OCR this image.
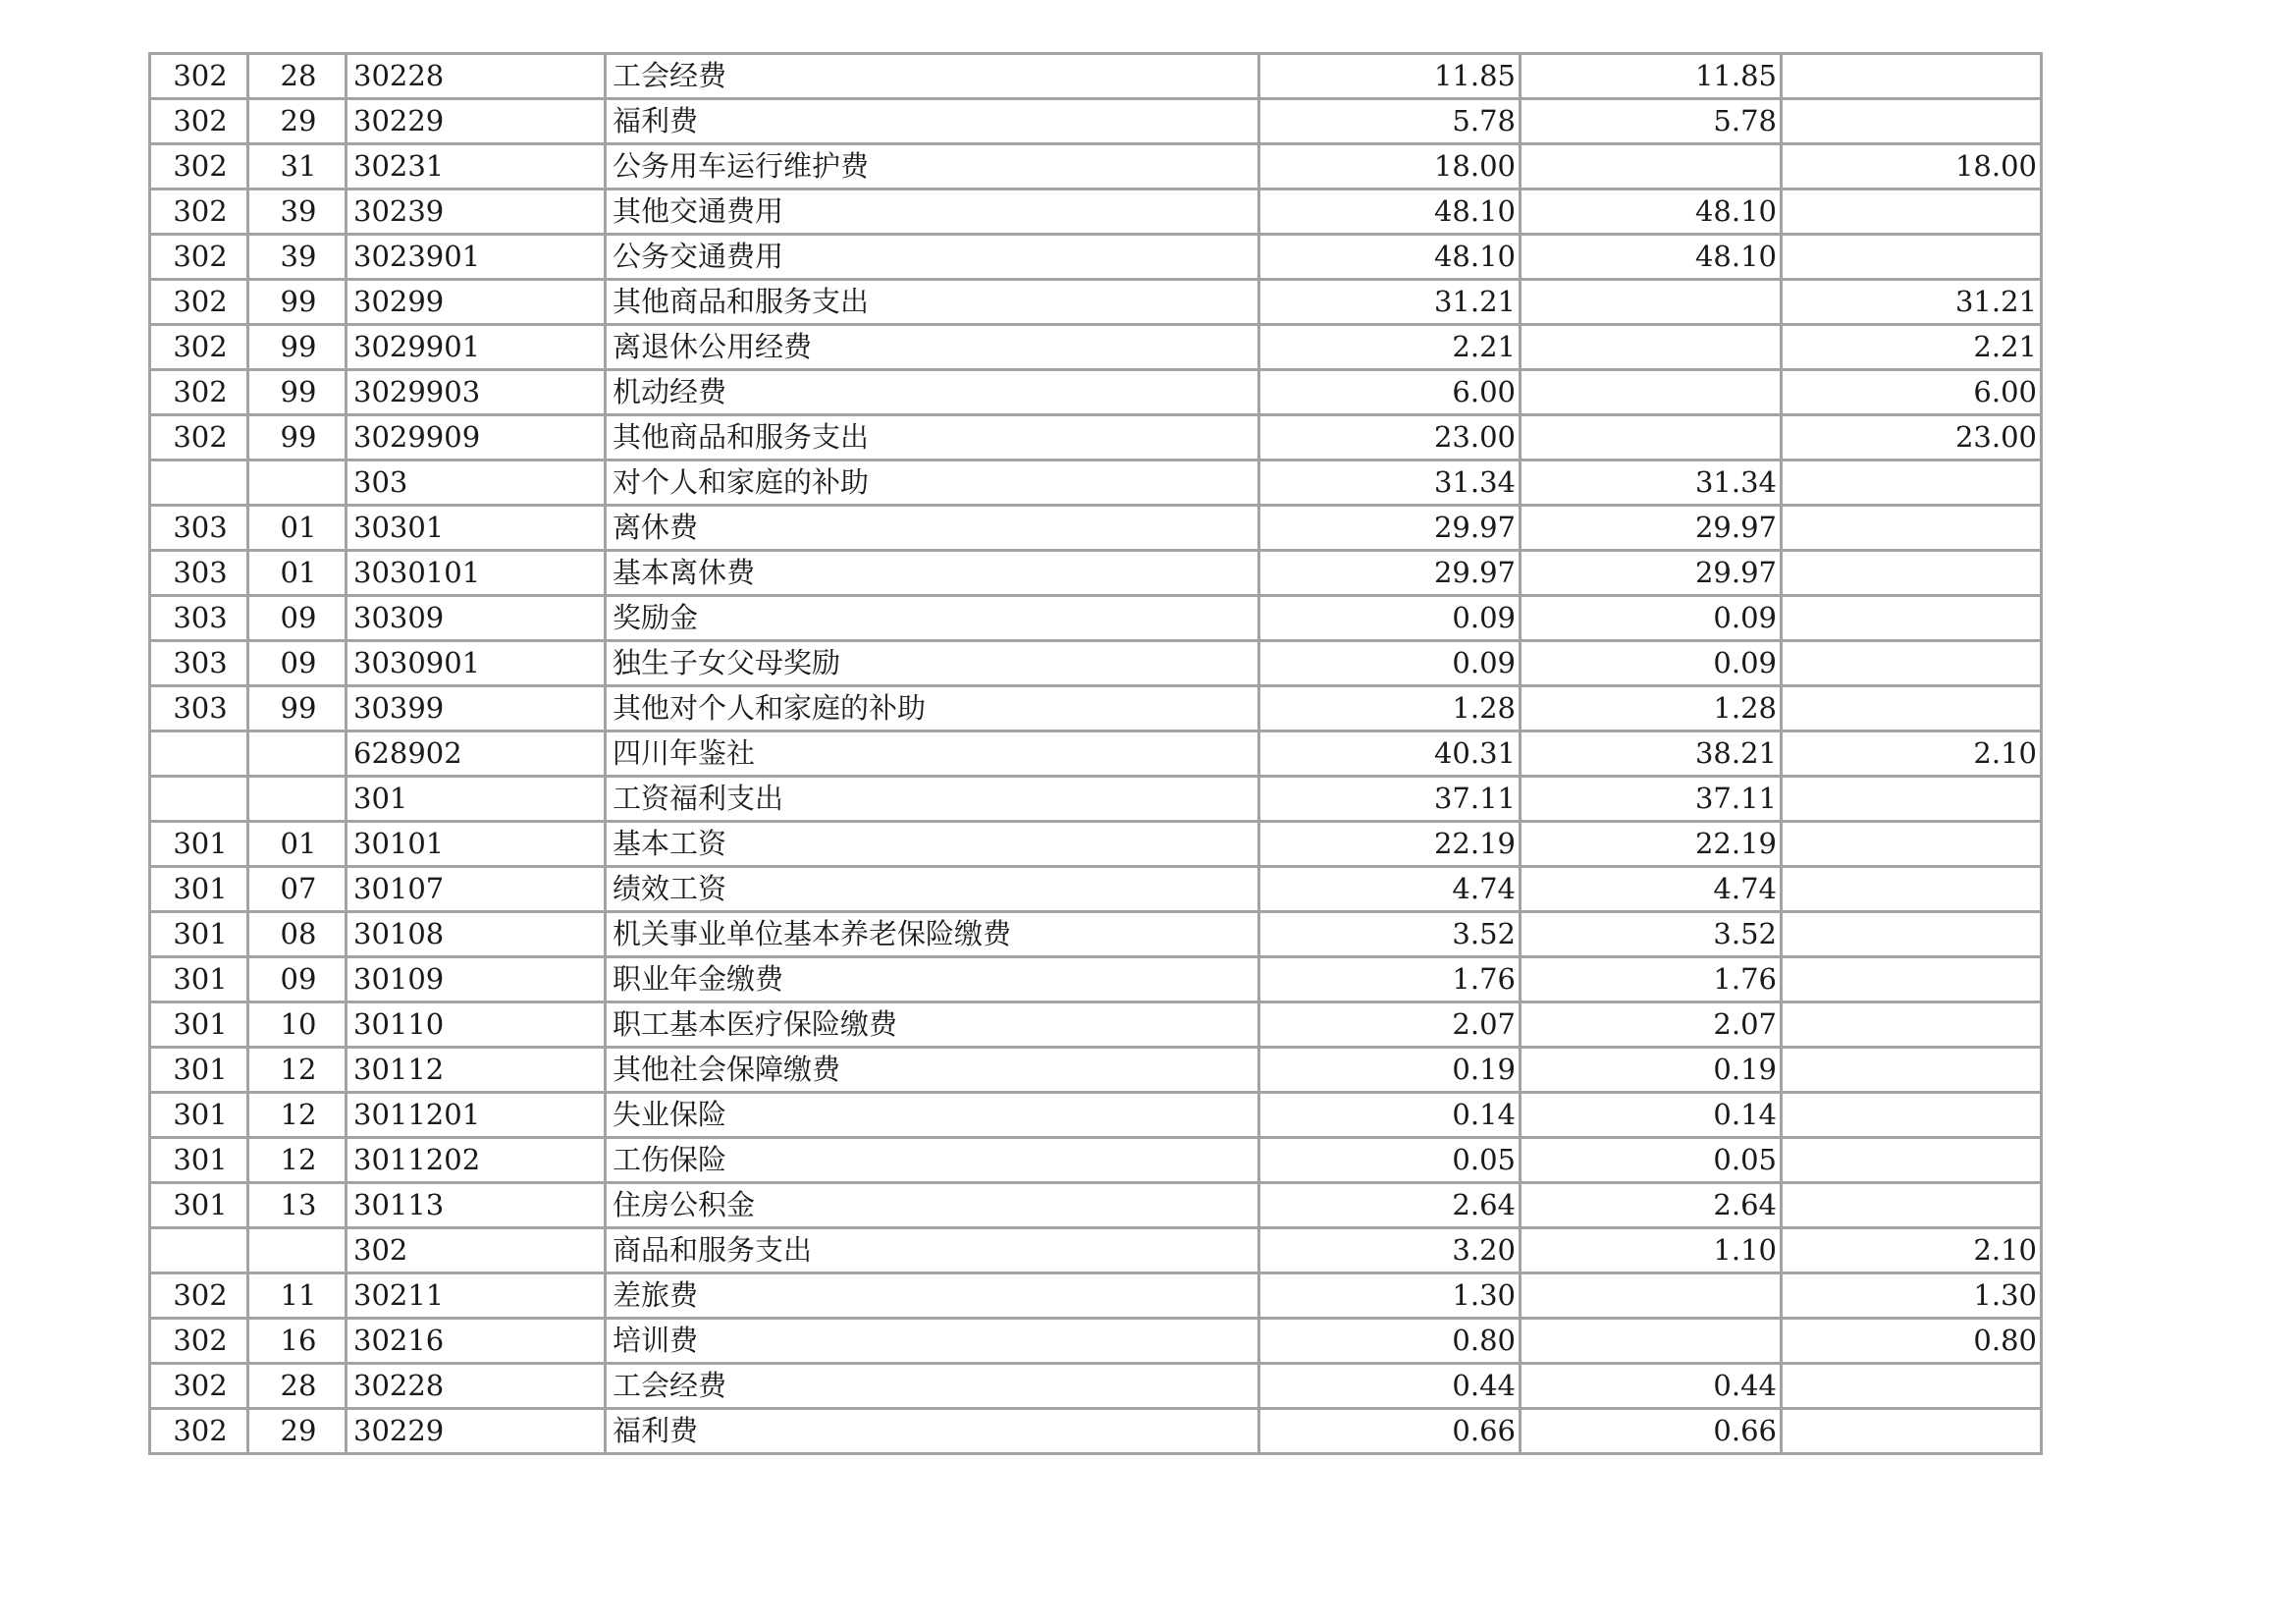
302	28	30228	工会经费	11.85	11.85	
302	29	30229	福利费	5.78	5.78	
302	31	30231	公务用车运行维护费	18.00		18.00
302	39	30239	其他交通费用	48.10	48.10	
302	39	3023901	公务交通费用	48.10	48.10	
302	99	30299	其他商品和服务支出	31.21		31.21
302	99	3029901	离退休公用经费	2.21		2.21
302	99	3029903	机动经费	6.00		6.00
302	99	3029909	其他商品和服务支出	23.00		23.00
		303	对个人和家庭的补助	31.34	31.34	
303	01	30301	离休费	29.97	29.97	
303	01	3030101	基本离休费	29.97	29.97	
303	09	30309	奖励金	0.09	0.09	
303	09	3030901	独生子女父母奖励	0.09	0.09	
303	99	30399	其他对个人和家庭的补助	1.28	1.28	
		628902	四川年鉴社	40.31	38.21	2.10
		301	工资福利支出	37.11	37.11	
301	01	30101	基本工资	22.19	22.19	
301	07	30107	绩效工资	4.74	4.74	
301	08	30108	机关事业单位基本养老保险缴费	3.52	3.52	
301	09	30109	职业年金缴费	1.76	1.76	
301	10	30110	职工基本医疗保险缴费	2.07	2.07	
301	12	30112	其他社会保障缴费	0.19	0.19	
301	12	3011201	失业保险	0.14	0.14	
301	12	3011202	工伤保险	0.05	0.05	
301	13	30113	住房公积金	2.64	2.64	
		302	商品和服务支出	3.20	1.10	2.10
302	11	30211	差旅费	1.30		1.30
302	16	30216	培训费	0.80		0.80
302	28	30228	工会经费	0.44	0.44	
302	29	30229	福利费	0.66	0.66	
